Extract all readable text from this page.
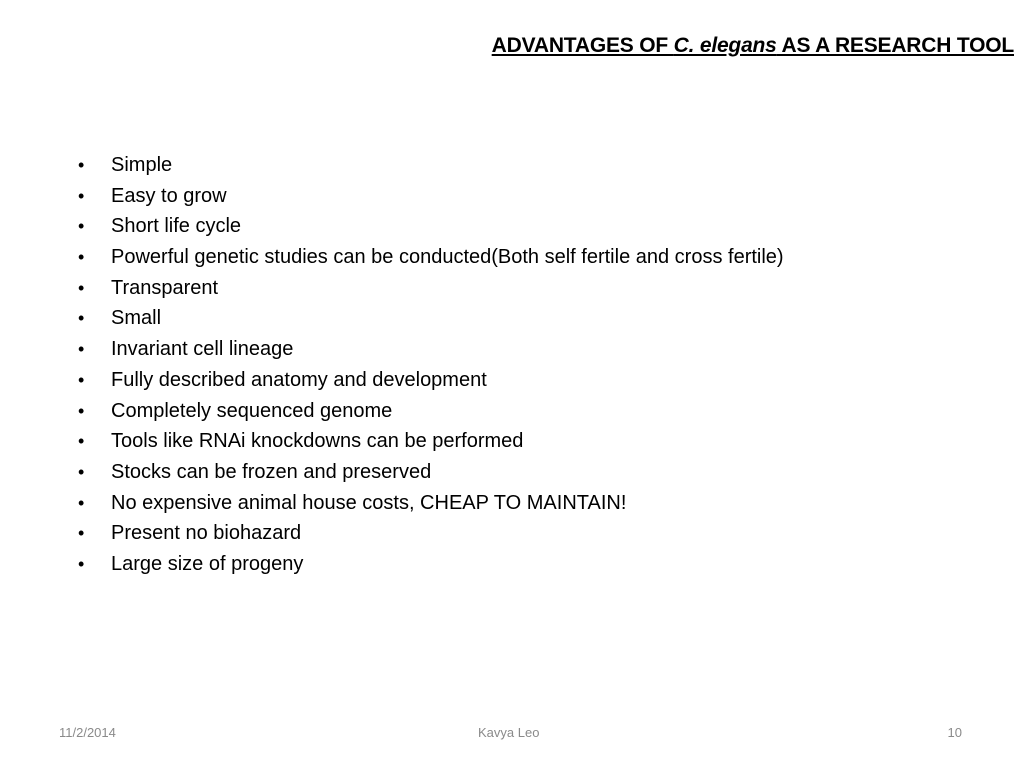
ADVANTAGES OF C. elegans AS A RESEARCH TOOL
• Simple
• Easy to grow
• Short life cycle
• Powerful genetic studies can be conducted(Both self fertile and cross fertile)
• Transparent
• Small
• Invariant cell lineage
• Fully described anatomy and development
• Completely sequenced genome
• Tools like RNAi knockdowns can be performed
• Stocks can be frozen and preserved
• No expensive animal house costs, CHEAP TO MAINTAIN!
• Present no biohazard
• Large size of progeny
11/2/2014	Kavya Leo	10
